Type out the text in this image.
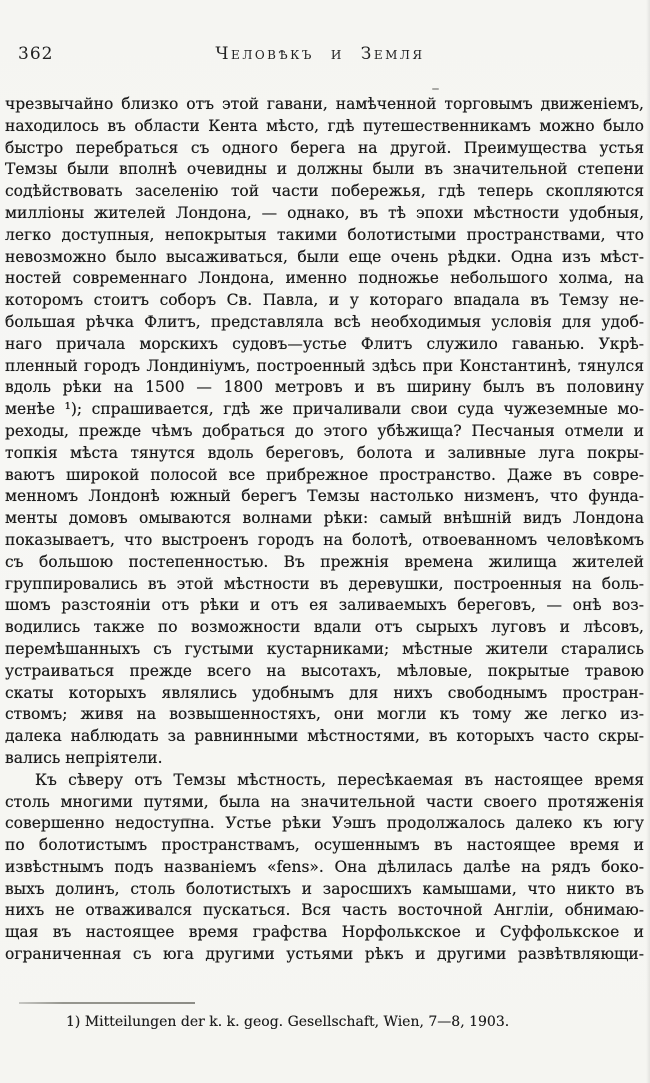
362	Человѣкъ и Земля
чрезвычайно близко отъ этой гавани, намѣченной торговымъ движеніемъ,
находилось въ области Кента мѣсто, гдѣ путешественникамъ можно было
быстро перебраться съ одного берега на другой. Преимущества устья
Темзы были вполнѣ очевидны и должны были въ значительной степени
содѣйствовать заселенію той части побережья, гдѣ теперь скопляются
милліоны жителей Лондона, — однако, въ тѣ эпохи мѣстности удобныя,
легко доступныя, непокрытыя такими болотистыми пространствами, что
невозможно было высаживаться, были еще очень рѣдки. Одна изъ мѣст-
ностей современнаго Лондона, именно подножье небольшого холма, на
которомъ стоитъ соборъ Св. Павла, и у котораго впадала въ Темзу не-
большая рѣчка Флитъ, представляла всѣ необходимыя условія для удоб-
наго причала морскихъ судовъ—устье Флитъ служило гаванью. Укрѣ-
пленный городъ Лондиніумъ, построенный здѣсь при Константинѣ, тянулся
вдоль рѣки на 1500 — 1800 метровъ и въ ширину былъ въ половину
менѣе ¹); спрашивается, гдѣ же причаливали свои суда чужеземные мо-
реходы, прежде чѣмъ добраться до этого убѣжища? Песчаныя отмели и
топкія мѣста тянутся вдоль береговъ, болота и заливные луга покры-
ваютъ широкой полосой все прибрежное пространство. Даже въ совре-
менномъ Лондонѣ южный берегъ Темзы настолько низменъ, что фунда-
менты домовъ омываются волнами рѣки: самый внѣшній видъ Лондона
показываетъ, что выстроенъ городъ на болотѣ, отвоеванномъ человѣкомъ
съ большою постепенностью. Въ прежнія времена жилища жителей
группировались въ этой мѣстности въ деревушки, построенныя на боль-
шомъ разстояніи отъ рѣки и отъ ея заливаемыхъ береговъ, — онѣ воз-
водились также по возможности вдали отъ сырыхъ луговъ и лѣсовъ,
перемѣшанныхъ съ густыми кустарниками; мѣстные жители старались
устраиваться прежде всего на высотахъ, мѣловые, покрытые травою
скаты которыхъ являлись удобнымъ для нихъ свободнымъ простран-
ствомъ; живя на возвышенностяхъ, они могли къ тому же легко из-
далека наблюдать за равнинными мѣстностями, въ которыхъ часто скры-
вались непріятели.
Къ сѣверу отъ Темзы мѣстность, пересѣкаемая въ настоящее время
столь многими путями, была на значительной части своего протяженія
совершенно недоступна. Устье рѣки Уэшъ продолжалось далеко къ югу
по болотистымъ пространствамъ, осушеннымъ въ настоящее время и
извѣстнымъ подъ названіемъ «fens». Она дѣлилась далѣе на рядъ боко-
выхъ долинъ, столь болотистыхъ и заросшихъ камышами, что никто въ
нихъ не отваживался пускаться. Вся часть восточной Англіи, обнимаю-
щая въ настоящее время графства Норфолькское и Суффолькское и
ограниченная съ юга другими устьями рѣкъ и другими развѣтвляющи-
1) Mitteilungen der k. k. geog. Gesellschaft, Wien, 7—8, 1903.
